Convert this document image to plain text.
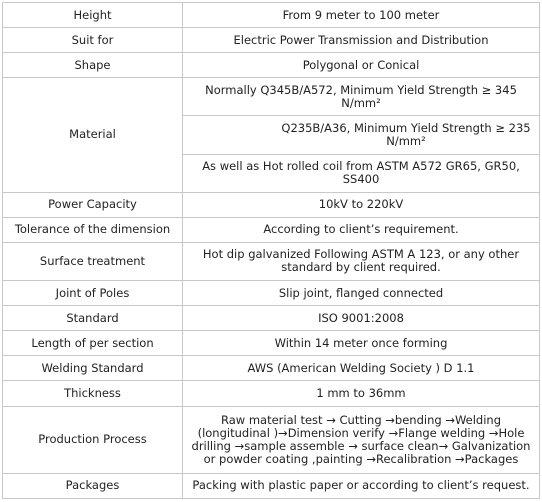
Height	From 9 meter to 100 meter
Suit for	Electric Power Transmission and Distribution
Shape	Polygonal or Conical
Material	Normally Q345B/A572, Minimum Yield Strength ≥ 345 N/mm²
	Q235B/A36, Minimum Yield Strength ≥ 235 N/mm²
	As well as Hot rolled coil from ASTM A572 GR65, GR50, SS400
Power Capacity	10kV to 220kV
Tolerance of the dimension	According to client’s requirement.
Surface treatment	Hot dip galvanized Following ASTM A 123, or any other standard by client required.
Joint of Poles	Slip joint, flanged connected
Standard	ISO 9001:2008
Length of per section	Within 14 meter once forming
Welding Standard	AWS (American Welding Society ) D 1.1
Thickness	1 mm to 36mm
Production Process	Raw material test → Cutting →bending →Welding (longitudinal )→Dimension verify →Flange welding →Hole drilling →sample assemble → surface clean→ Galvanization or powder coating ,painting →Recalibration →Packages
Packages	Packing with plastic paper or according to client’s request.
